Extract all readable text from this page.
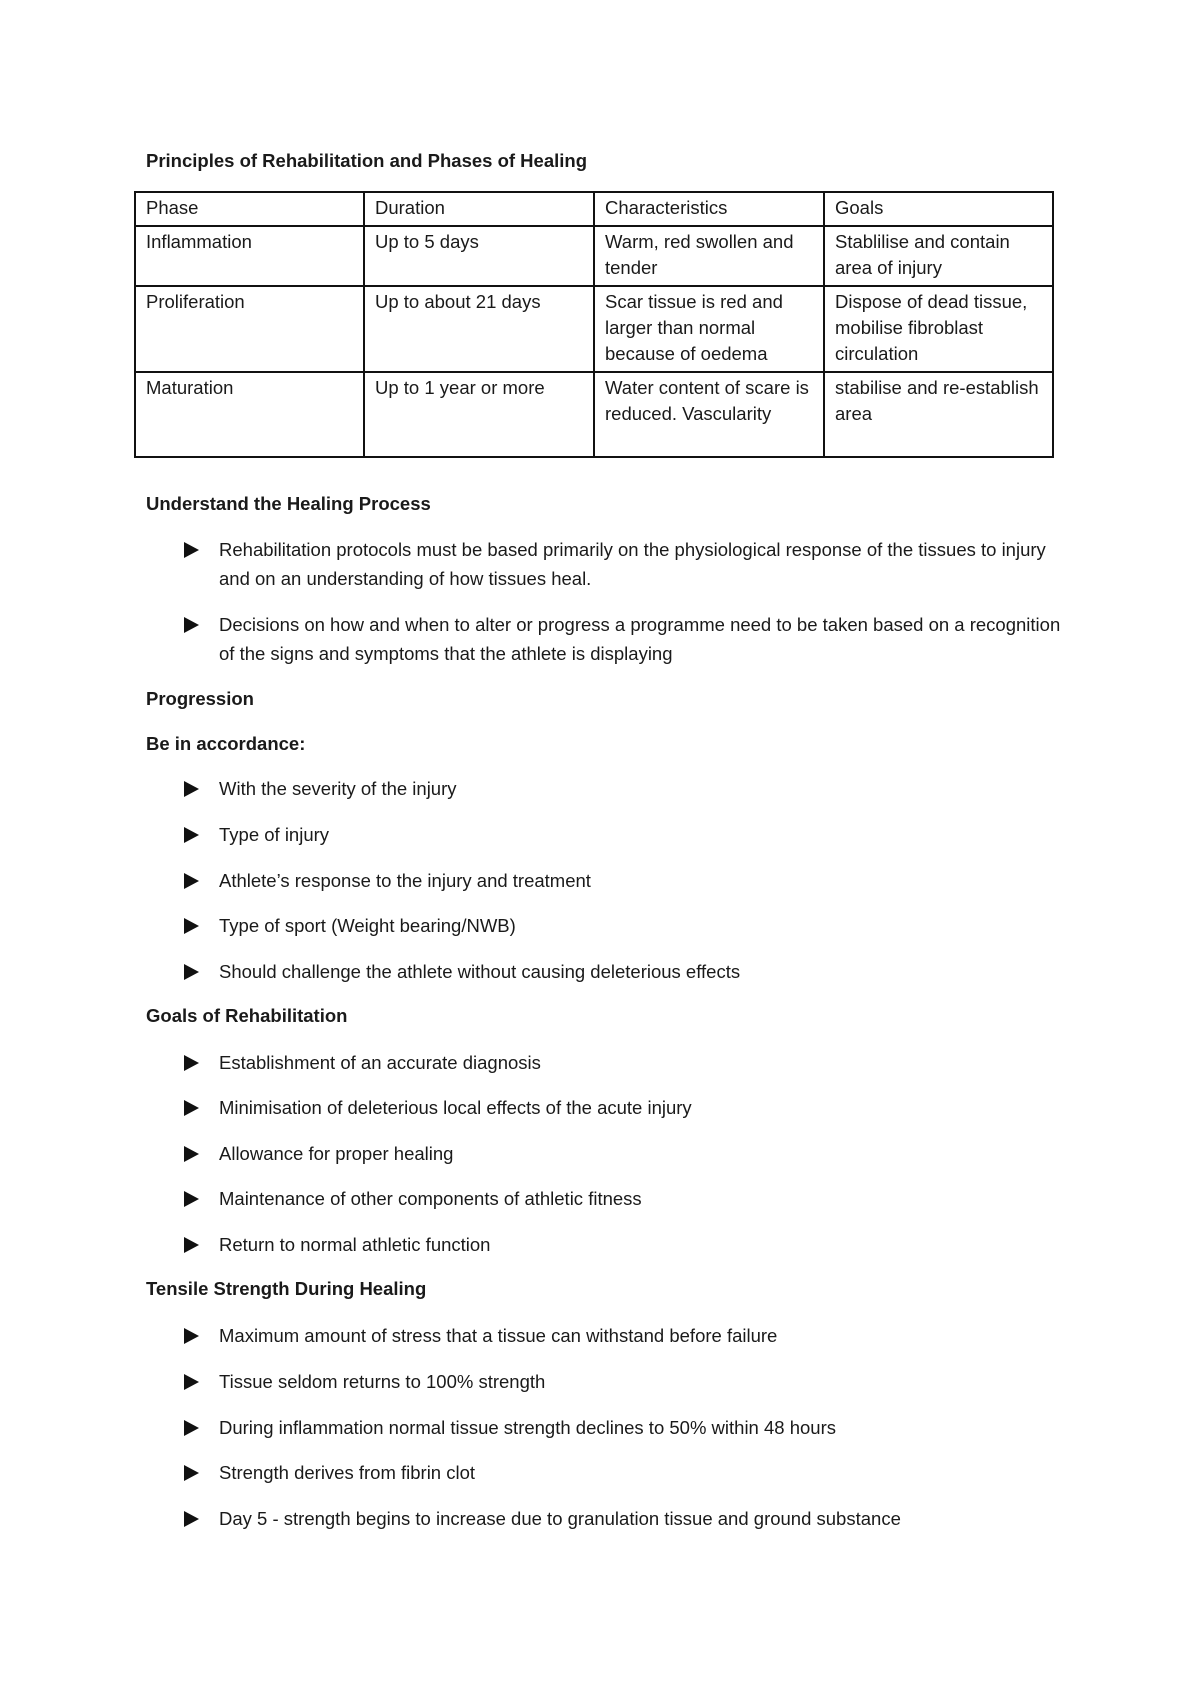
Principles of Rehabilitation and Phases of Healing
Phase	Duration	Characteristics	Goals
Inflammation	Up to 5 days	Warm, red swollen and tender	Stablilise and contain area of injury
Proliferation	Up to about 21 days	Scar tissue is red and larger than normal because of oedema	Dispose of dead tissue, mobilise fibroblast circulation
Maturation	Up to 1 year or more	Water content of scare is reduced. Vascularity	stabilise and re-establish area
Understand the Healing Process
Rehabilitation protocols must be based primarily on the physiological response of the tissues to injury and on an understanding of how tissues heal.
Decisions on how and when to alter or progress a programme need to be taken based on a recognition of the signs and symptoms that the athlete is displaying
Progression
Be in accordance:
With the severity of the injury
Type of injury
Athlete’s response to the injury and treatment
Type of sport (Weight bearing/NWB)
Should challenge the athlete without causing deleterious effects
Goals of Rehabilitation
Establishment of an accurate diagnosis
Minimisation of deleterious local effects of the acute injury
Allowance for proper healing
Maintenance of other components of athletic fitness
Return to normal athletic function
Tensile Strength During Healing
Maximum amount of stress that a tissue can withstand before failure
Tissue seldom returns to 100% strength
During inflammation normal tissue strength declines to 50% within 48 hours
Strength derives from fibrin clot
Day 5 - strength begins to increase due to granulation tissue and ground substance
